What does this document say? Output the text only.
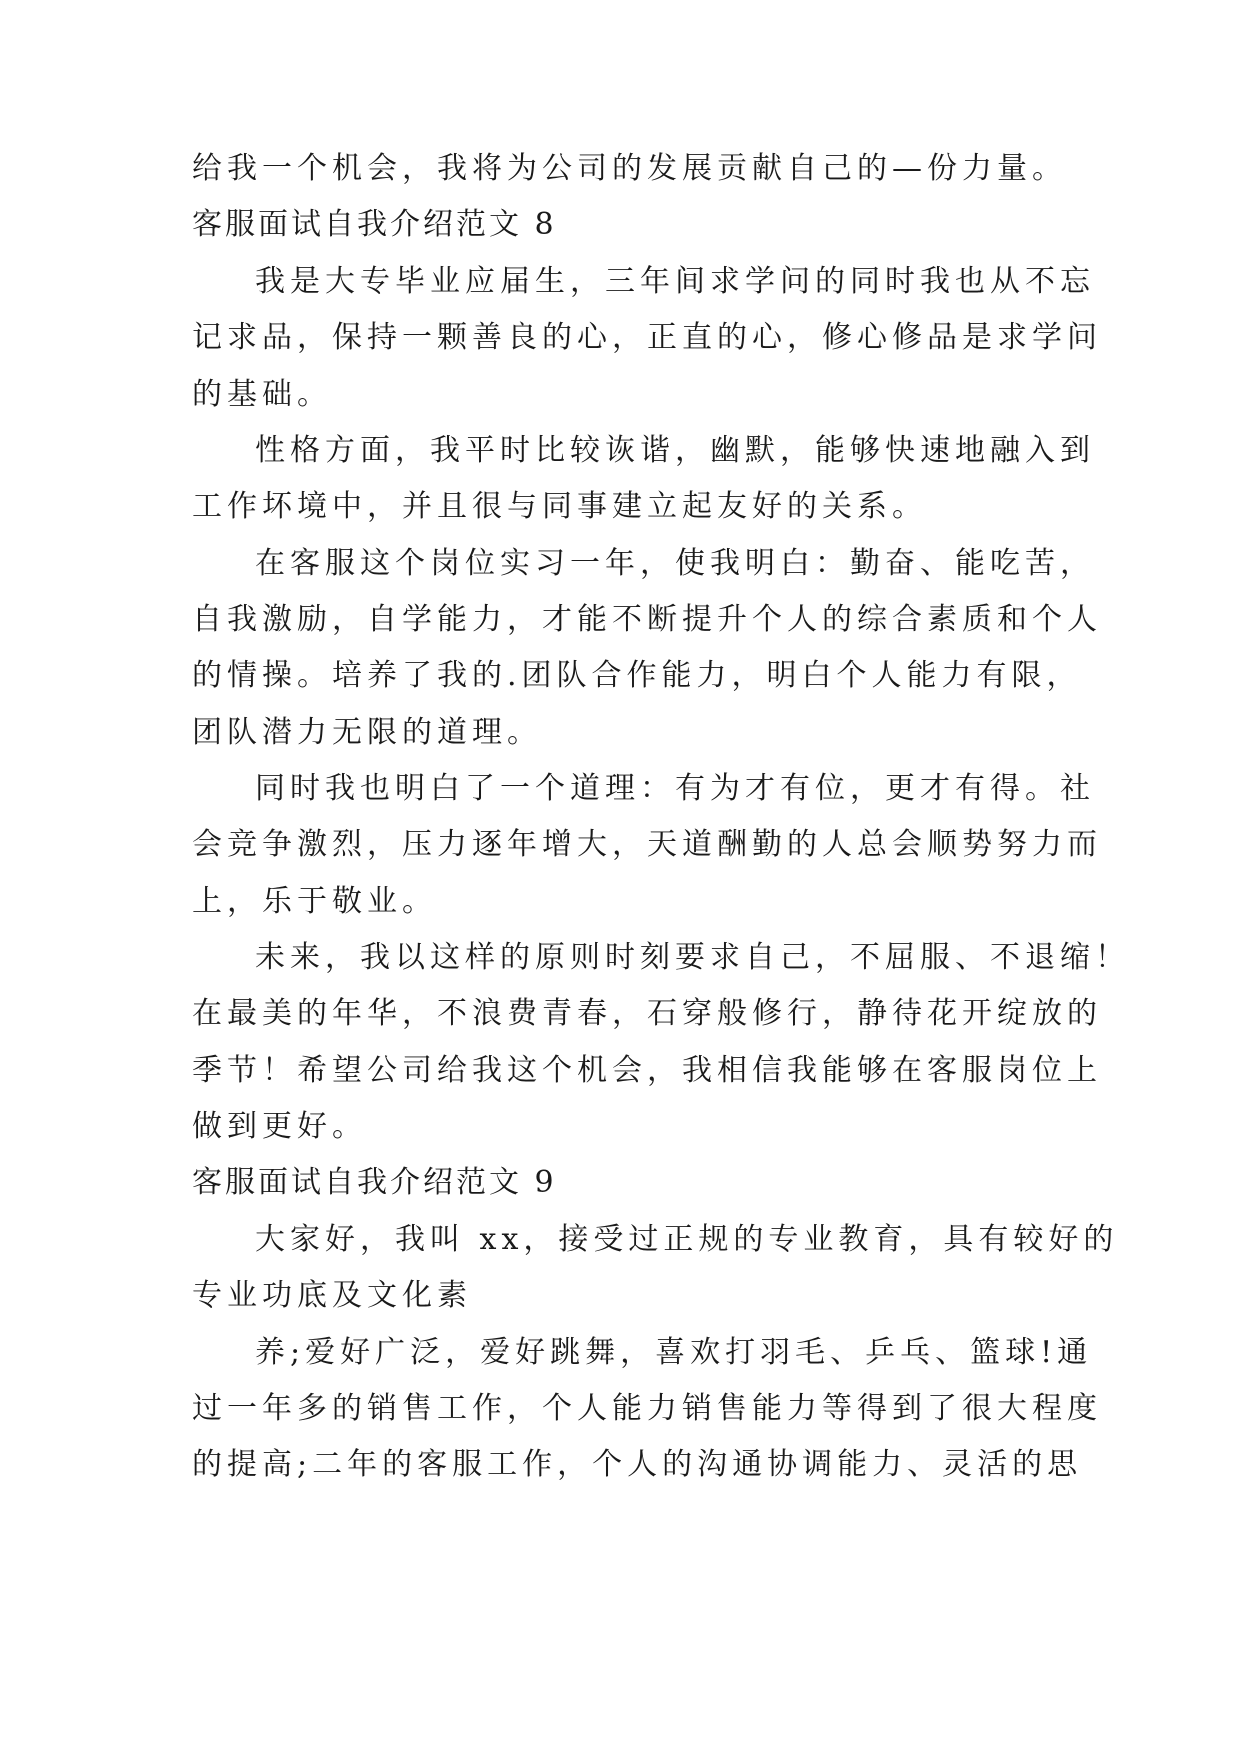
给我一个机会，我将为公司的发展贡献自己的—份力量。
客服面试自我介绍范文 8
我是大专毕业应届生，三年间求学问的同时我也从不忘
记求品，保持一颗善良的心，正直的心，修心修品是求学问
的基础。
性格方面，我平时比较诙谐，幽默，能够快速地融入到
工作坏境中，并且很与同事建立起友好的关系。
在客服这个岗位实习一年，使我明白：勤奋、能吃苦，
自我激励，自学能力，才能不断提升个人的综合素质和个人
的情操。培养了我的.团队合作能力，明白个人能力有限，
团队潜力无限的道理。
同时我也明白了一个道理：有为才有位，更才有得。社
会竞争激烈，压力逐年增大，天道酬勤的人总会顺势努力而
上，乐于敬业。
未来，我以这样的原则时刻要求自己，不屈服、不退缩！
在最美的年华，不浪费青春，石穿般修行，静待花开绽放的
季节！希望公司给我这个机会，我相信我能够在客服岗位上
做到更好。
客服面试自我介绍范文 9
大家好，我叫 xx，接受过正规的专业教育，具有较好的
专业功底及文化素
养;爱好广泛，爱好跳舞，喜欢打羽毛、乒乓、篮球!通
过一年多的销售工作，个人能力销售能力等得到了很大程度
的提高;二年的客服工作，个人的沟通协调能力、灵活的思
